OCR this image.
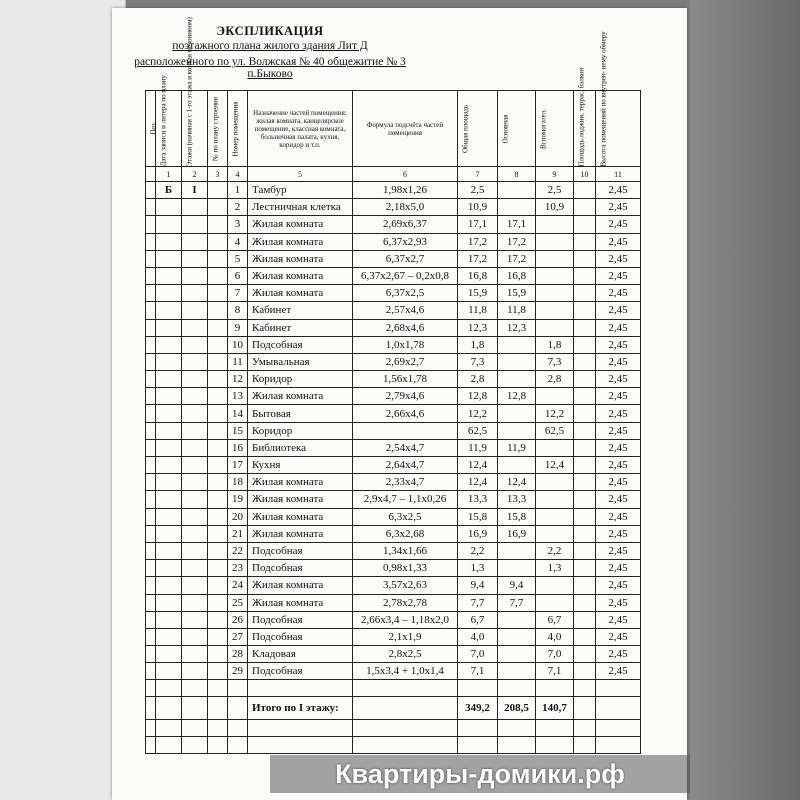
ЭКСПЛИКАЦИЯ
поэтажного плана жилого здания Лит Д
расположенного по ул. Волжская № 40 общежитие № 3 п.Быково
Поз	Дата записи и литера по плану	Этажи (начиная с 1-го этажа и кончая мезонином)	№ по плану строения	Номер помещения	Назначение частей помещения: жилая комната, канцелярское помещение, классная комната, больничная палата, кухня, коридор и т.п.	Формула подсчёта частей помещения	Общая площадь	Основная	Вспомогател.	Площадь лоджии, террас, балкон	Высота помещений по внутрен- нему обмеру

	1	2	3	4	5	6	7	8	9	10	11
	Б	I		1	Тамбур	1,98х1,26	2,5		2,5		2,45
				2	Лестничная клетка	2,18х5,0	10,9		10,9		2,45
				3	Жилая комната	2,69х6,37	17,1	17,1			2,45
				4	Жилая комната	6,37х2,93	17,2	17,2			2,45
				5	Жилая комната	6,37х2,7	17,2	17,2			2,45
				6	Жилая комната	6,37х2,67 – 0,2х0,8	16,8	16,8			2,45
				7	Жилая комната	6,37х2,5	15,9	15,9			2,45
				8	Кабинет	2,57х4,6	11,8	11,8			2,45
				9	Кабинет	2,68х4,6	12,3	12,3			2,45
				10	Подсобная	1,0х1,78	1,8		1,8		2,45
				11	Умывальная	2,69х2,7	7,3		7,3		2,45
				12	Коридор	1,56х1,78	2,8		2,8		2,45
				13	Жилая комната	2,79х4,6	12,8	12,8			2,45
				14	Бытовая	2,66х4,6	12,2		12,2		2,45
				15	Коридор		62,5		62,5		2,45
				16	Библиотека	2,54х4,7	11,9	11,9			2,45
				17	Кухня	2,64х4,7	12,4		12,4		2,45
				18	Жилая комната	2,33х4,7	12,4	12,4			2,45
				19	Жилая комната	2,9х4,7 – 1,1х0,26	13,3	13,3			2,45
				20	Жилая комната	6,3х2,5	15,8	15,8			2,45
				21	Жилая комната	6,3х2,68	16,9	16,9			2,45
				22	Подсобная	1,34х1,66	2,2		2,2		2,45
				23	Подсобная	0,98х1,33	1,3		1,3		2,45
				24	Жилая комната	3,57х2,63	9,4	9,4			2,45
				25	Жилая комната	2,78х2,78	7,7	7,7			2,45
				26	Подсобная	2,66х3,4 – 1,18х2,0	6,7		6,7		2,45
				27	Подсобная	2,1х1,9	4,0		4,0		2,45
				28	Кладовая	2,8х2,5	7,0		7,0		2,45
				29	Подсобная	1,5х3,4 + 1,0х1,4	7,1		7,1		2,45

					Итого по I этажу:		349,2	208,5	140,7		

Квартиры-домики.рф
